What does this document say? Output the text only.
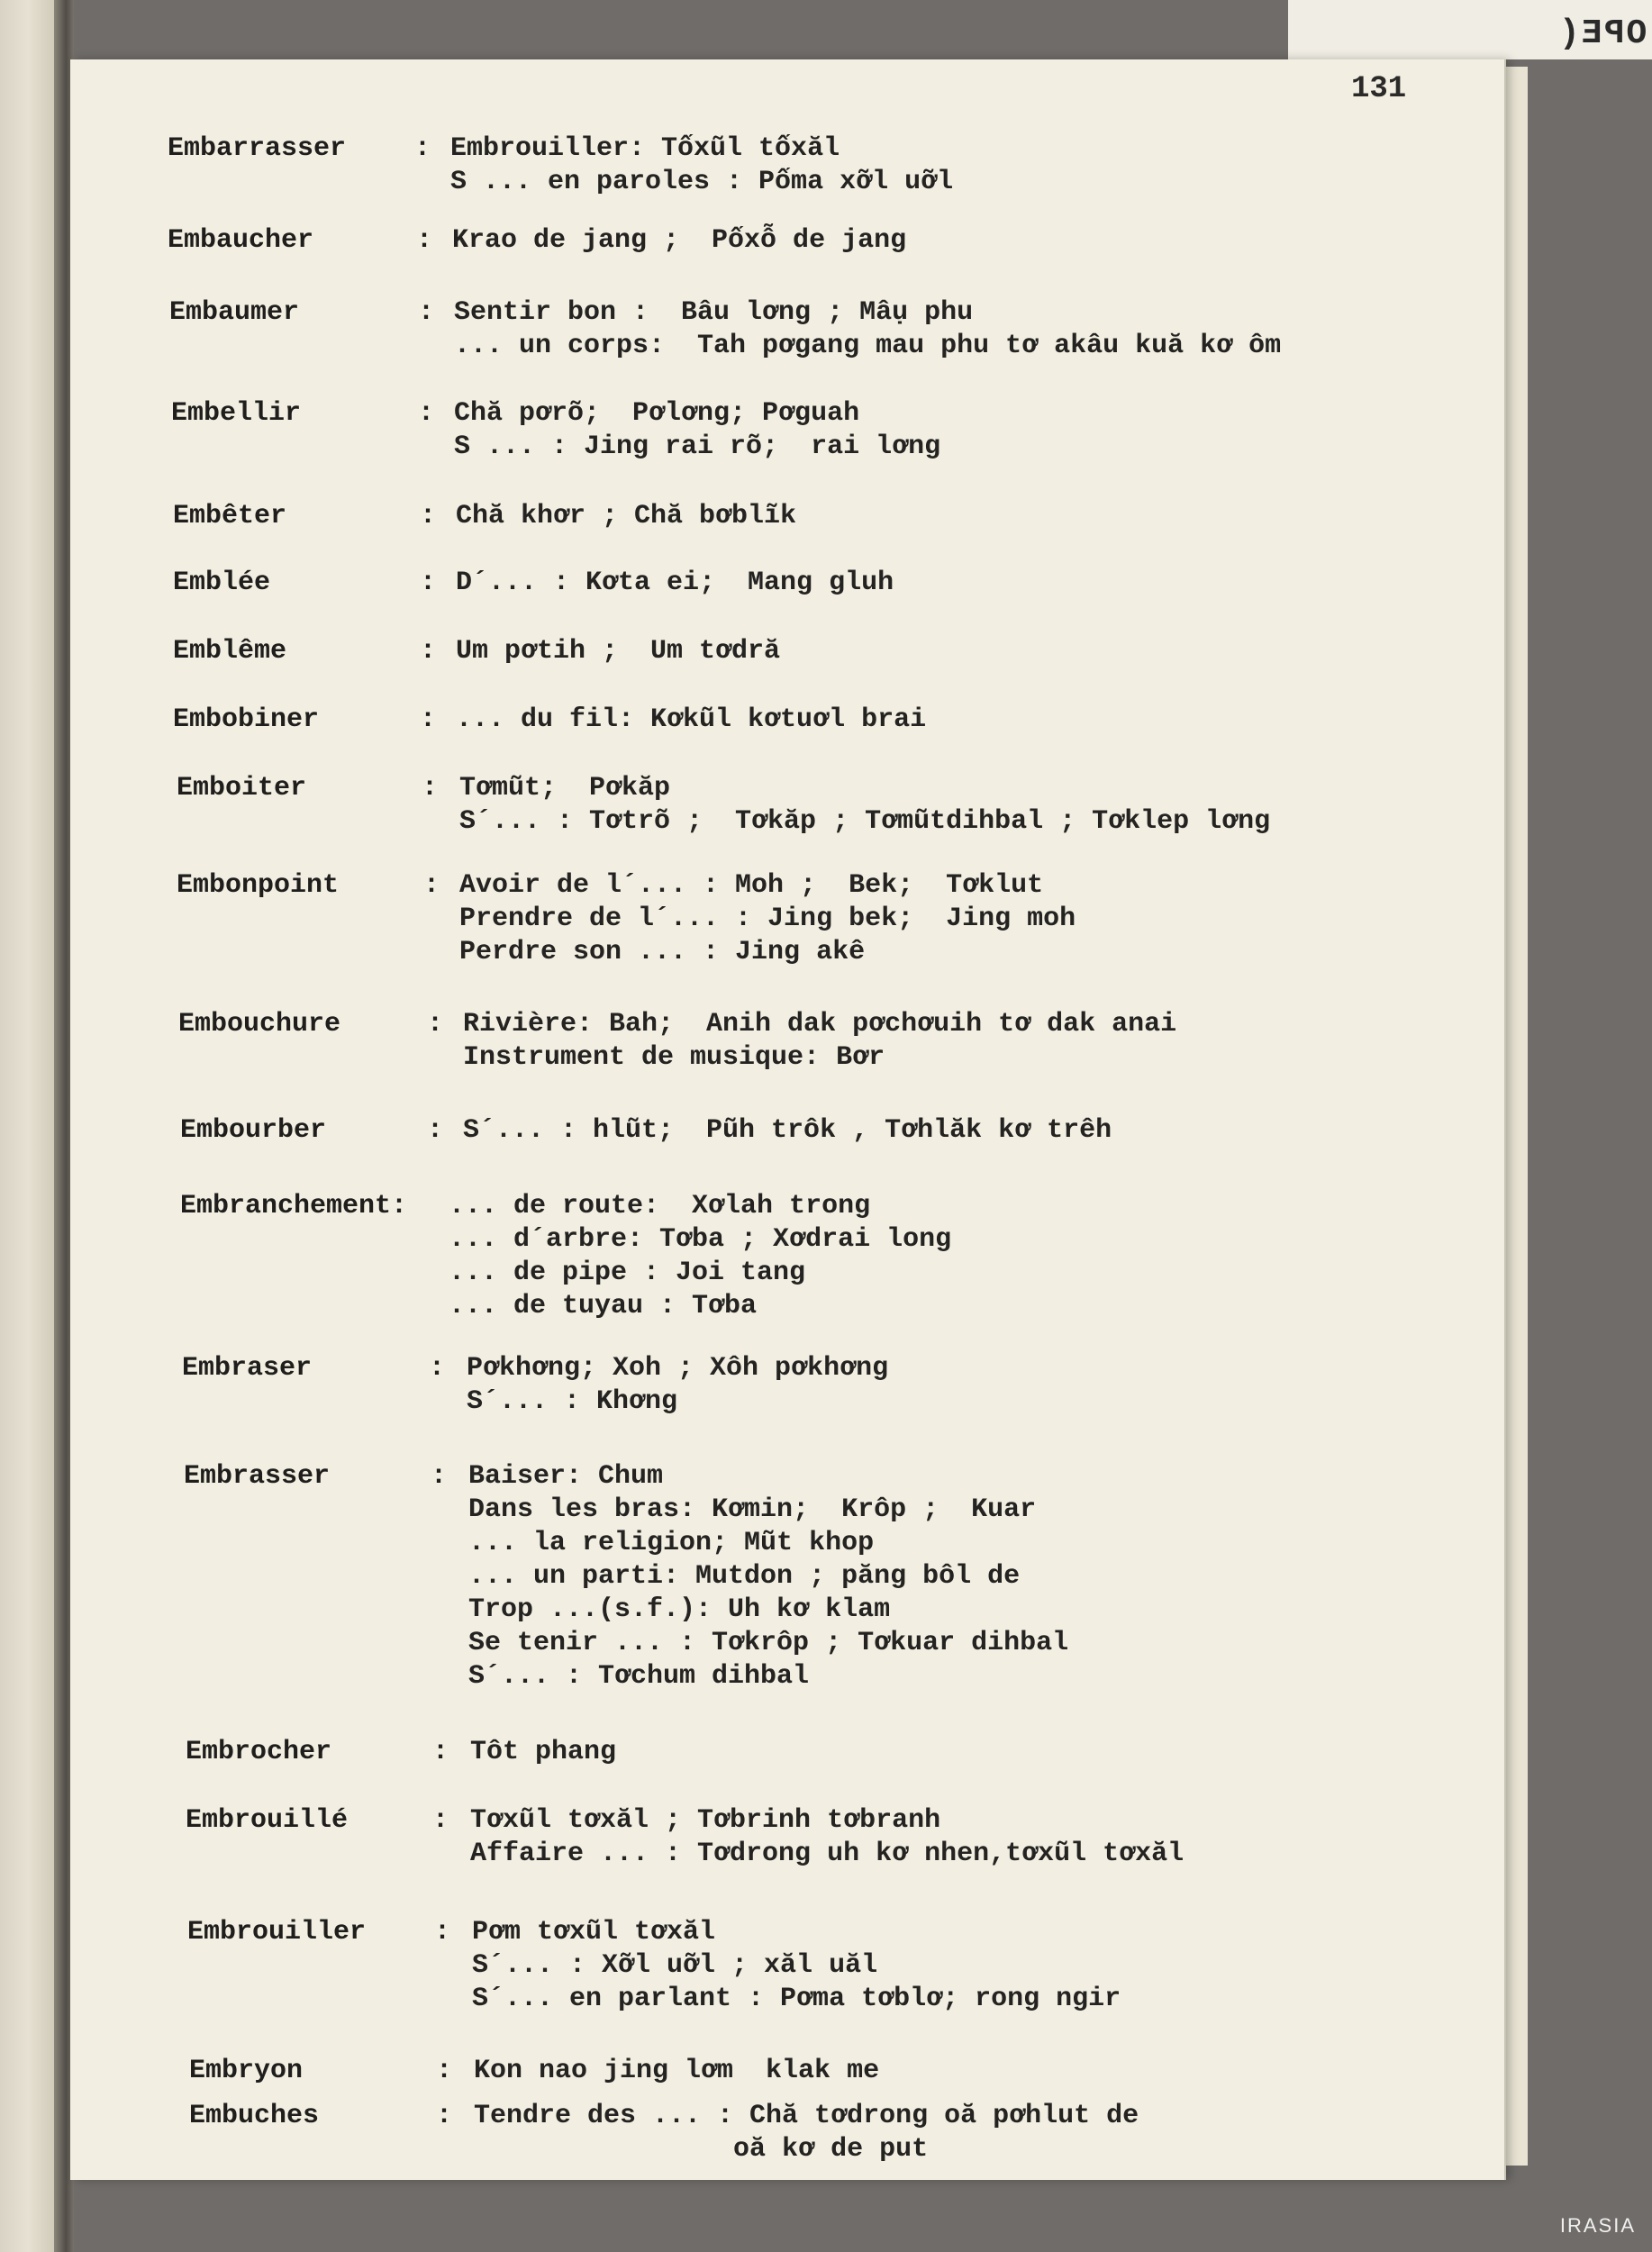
OPE(
131
Embarrasser	: Embrouiller: Tốxũl tốxăl
S ... en paroles : Pốma xỡl uỡl
Embaucher	: Krao de jang ;  Pốxỗ de jang
Embaumer	: Sentir bon :  Bâu lơng ; Mâụ phu
... un corps:  Tah pơgang mau phu tơ akâu kuă kơ ôm
Embellir	: Chă pơrõ;  Pơlơng; Pơguah
S ... : Jing rai rõ;  rai lơng
Embêter	: Chă khơr ; Chă bơblĩk
Emblée	: D´... : Kơta ei;  Mang gluh
Emblême	: Um pơtih ;  Um tơdră
Embobiner	: ... du fil: Kơkũl kơtuơl brai
Emboiter	: Tơmũt;  Pơkăp
S´... : Tơtrõ ;  Tơkăp ; Tơmũtdihbal ; Tơklep lơng
Embonpoint	: Avoir de l´... : Moh ;  Bek;  Tơklut
Prendre de l´... : Jing bek;  Jing moh
Perdre son ... : Jing akê
Embouchure	: Rivière: Bah;  Anih dak pơchơuih tơ dak anai
Instrument de musique: Bơr
Embourber	: S´... : hlũt;  Pũh trôk , Tơhlăk kơ trêh
Embranchement: ... de route:  Xơlah trong
... d´arbre: Tơba ; Xơdrai long
... de pipe : Joi tang
... de tuyau : Tơba
Embraser	: Pơkhơng; Xoh ; Xôh pơkhơng
S´... : Khơng
Embrasser	: Baiser: Chum
Dans les bras: Kơmin;  Krôp ;  Kuar
... la religion; Mũt khop
... un parti: Mutdon ; păng bôl de
Trop ...(s.f.): Uh kơ klam
Se tenir ... : Tơkrôp ; Tơkuar dihbal
S´... : Tơchum dihbal
Embrocher	: Tôt phang
Embrouillé	: Tơxũl tơxăl ; Tơbrinh tơbranh
Affaire ... : Tơdrong uh kơ nhen,tơxũl tơxăl
Embrouiller	: Pơm tơxũl tơxăl
S´... : Xỡl uỡl ; xăl uăl
S´... en parlant : Pơma tơblơ; rong ngir
Embryon	: Kon nao jing lơm  klak me
Embuches	: Tendre des ... : Chă tơdrong oă pơhlut de
oă kơ de put
IRASIA
